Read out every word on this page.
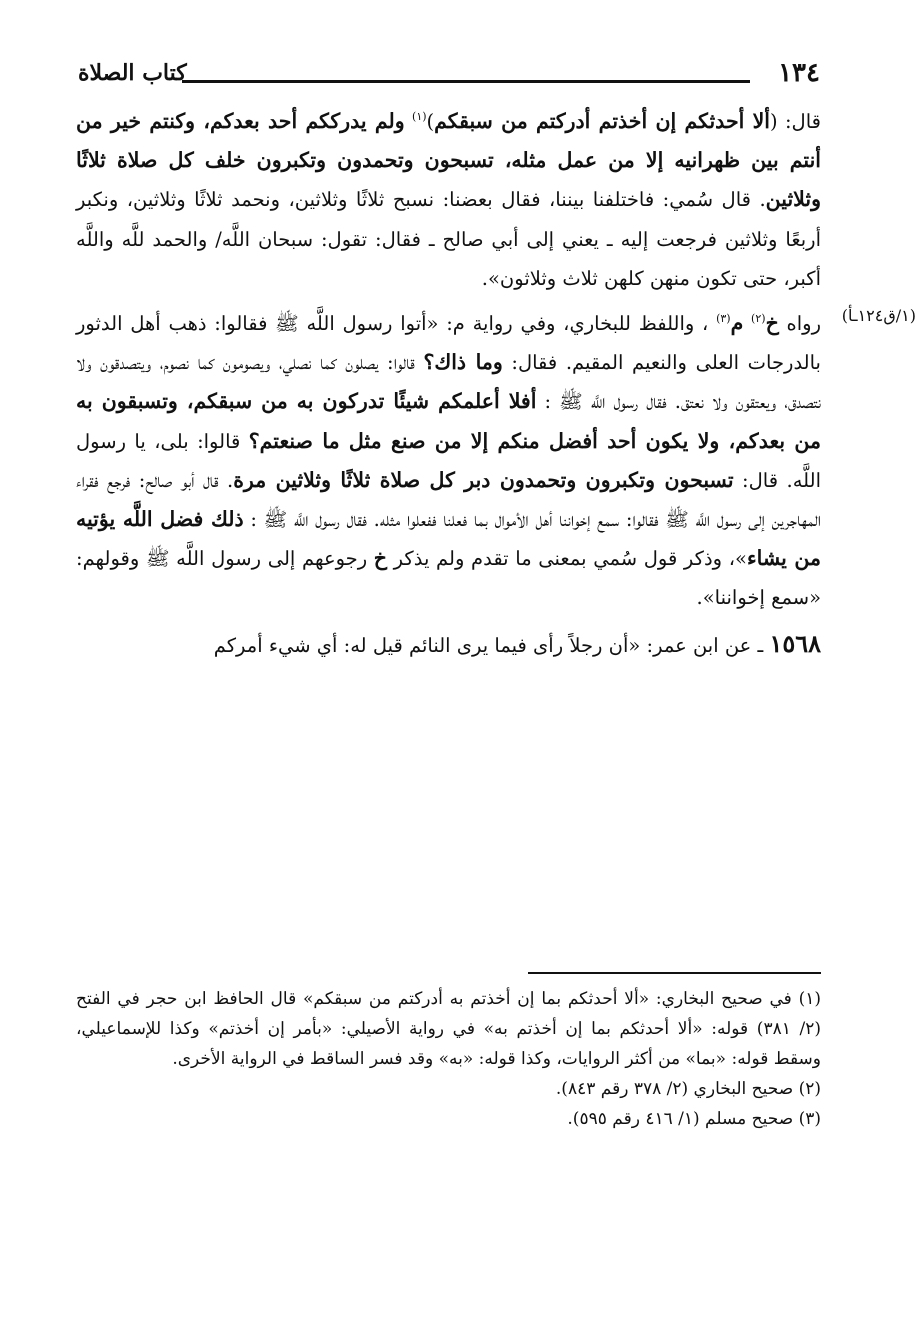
١٣٤
كتاب الصلاة
(١/ق١٢٤ـأ)

قال: (ألا أحدثكم إن أخذتم أدركتم من سبقكم)$^{(١)}$ ولم يدرككم أحد بعدكم، وكنتم خير من أنتم بين ظهرانيه إلا من عمل مثله، تسبحون وتحمدون وتكبرون خلف كل صلاة ثلاثًا وثلاثين. قال سُمي: فاختلفنا بيننا، فقال بعضنا: نسبح ثلاثًا وثلاثين، ونحمد ثلاثًا وثلاثين، ونكبر أربعًا وثلاثين فرجعت إليه ـ يعني إلى أبي صالح ـ فقال: تقول: سبحان اللَّه/ والحمد للَّه واللَّه أكبر، حتى تكون منهن كلهن ثلاث وثلاثون».

رواه خ$^{(٢)}$ م$^{(٣)}$ ، واللفظ للبخاري، وفي رواية م: «أتوا رسول اللَّه ﷺ فقالوا: ذهب أهل الدثور بالدرجات العلى والنعيم المقيم. فقال: وما ذاك؟ قالوا: يصلون كما نصلي، ويصومون كما نصوم، ويتصدقون ولا نتصدق، ويعتقون ولا نعتق. فقال رسول اللَّه ﷺ : أفلا أعلمكم شيئًا تدركون به من سبقكم، وتسبقون به من بعدكم، ولا يكون أحد أفضل منكم إلا من صنع مثل ما صنعتم؟ قالوا: بلى، يا رسول اللَّه. قال: تسبحون وتكبرون وتحمدون دبر كل صلاة ثلاثًا وثلاثين مرة. قال أبو صالح: فرجع فقراء المهاجرين إلى رسول اللَّه ﷺ فقالوا: سمع إخواننا أهل الأموال بما فعلنا ففعلوا مثله. فقال رسول اللَّه ﷺ : ذلك فضل اللَّه يؤتيه من يشاء»، وذكر قول سُمي بمعنى ما تقدم ولم يذكر خ رجوعهم إلى رسول اللَّه ﷺ وقولهم: «سمع إخواننا».

١٥٦٨ ـ عن ابن عمر: «أن رجلاً رأى فيما يرى النائم قيل له: أي شيء أمركم

(١) في صحيح البخاري: «ألا أحدثكم بما إن أخذتم به أدركتم من سبقكم» قال الحافظ ابن حجر في الفتح (٢/ ٣٨١) قوله: «ألا أحدثكم بما إن أخذتم به» في رواية الأصيلي: «بأمر إن أخذتم» وكذا للإسماعيلي، وسقط قوله: «بما» من أكثر الروايات، وكذا قوله: «به» وقد فسر الساقط في الرواية الأخرى.

(٢) صحيح البخاري (٢/ ٣٧٨ رقم ٨٤٣).

(٣) صحيح مسلم (١/ ٤١٦ رقم ٥٩٥).
